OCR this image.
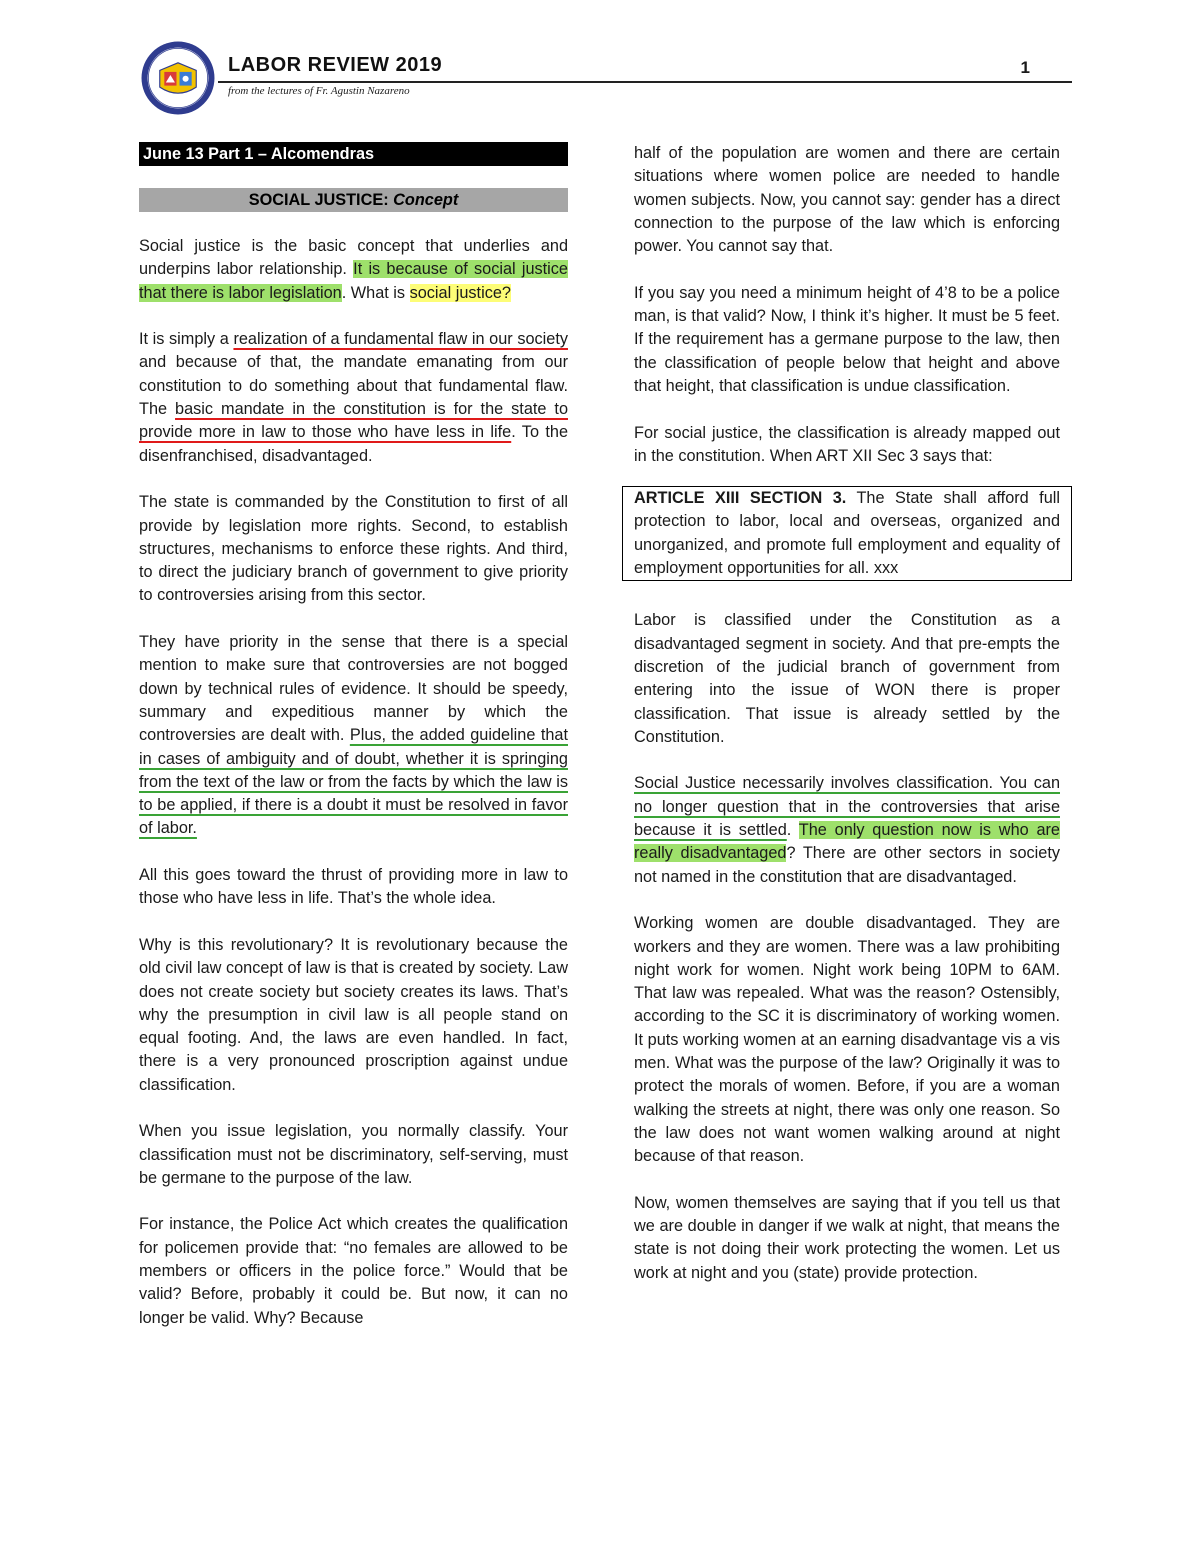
LABOR REVIEW 2019	1
from the lectures of Fr. Agustin Nazareno
June 13 Part 1 – Alcomendras
SOCIAL JUSTICE: Concept

Social justice is the basic concept that underlies and underpins labor relationship. It is because of social justice that there is labor legislation. What is social justice?

It is simply a realization of a fundamental flaw in our society and because of that, the mandate emanating from our constitution to do something about that fundamental flaw. The basic mandate in the constitution is for the state to provide more in law to those who have less in life. To the disenfranchised, disadvantaged.

The state is commanded by the Constitution to first of all provide by legislation more rights. Second, to establish structures, mechanisms to enforce these rights. And third, to direct the judiciary branch of government to give priority to controversies arising from this sector.

They have priority in the sense that there is a special mention to make sure that controversies are not bogged down by technical rules of evidence. It should be speedy, summary and expeditious manner by which the controversies are dealt with. Plus, the added guideline that in cases of ambiguity and of doubt, whether it is springing from the text of the law or from the facts by which the law is to be applied, if there is a doubt it must be resolved in favor of labor.

All this goes toward the thrust of providing more in law to those who have less in life. That’s the whole idea.

Why is this revolutionary? It is revolutionary because the old civil law concept of law is that is created by society. Law does not create society but society creates its laws. That’s why the presumption in civil law is all people stand on equal footing. And, the laws are even handled. In fact, there is a very pronounced proscription against undue classification.

When you issue legislation, you normally classify. Your classification must not be discriminatory, self-serving, must be germane to the purpose of the law.

For instance, the Police Act which creates the qualification for policemen provide that: “no females are allowed to be members or officers in the police force.” Would that be valid? Before, probably it could be. But now, it can no longer be valid. Why? Because

half of the population are women and there are certain situations where women police are needed to handle women subjects. Now, you cannot say: gender has a direct connection to the purpose of the law which is enforcing power. You cannot say that.

If you say you need a minimum height of 4’8 to be a police man, is that valid? Now, I think it’s higher. It must be 5 feet. If the requirement has a germane purpose to the law, then the classification of people below that height and above that height, that classification is undue classification.

For social justice, the classification is already mapped out in the constitution. When ART XII Sec 3 says that:

ARTICLE XIII SECTION 3. The State shall afford full protection to labor, local and overseas, organized and unorganized, and promote full employment and equality of employment opportunities for all. xxx

Labor is classified under the Constitution as a disadvantaged segment in society. And that pre-empts the discretion of the judicial branch of government from entering into the issue of WON there is proper classification. That issue is already settled by the Constitution.

Social Justice necessarily involves classification. You can no longer question that in the controversies that arise because it is settled. The only question now is who are really disadvantaged? There are other sectors in society not named in the constitution that are disadvantaged.

Working women are double disadvantaged. They are workers and they are women. There was a law prohibiting night work for women. Night work being 10PM to 6AM. That law was repealed. What was the reason? Ostensibly, according to the SC it is discriminatory of working women. It puts working women at an earning disadvantage vis a vis men. What was the purpose of the law? Originally it was to protect the morals of women. Before, if you are a woman walking the streets at night, there was only one reason. So the law does not want women walking around at night because of that reason.

Now, women themselves are saying that if you tell us that we are double in danger if we walk at night, that means the state is not doing their work protecting the women. Let us work at night and you (state) provide protection.
